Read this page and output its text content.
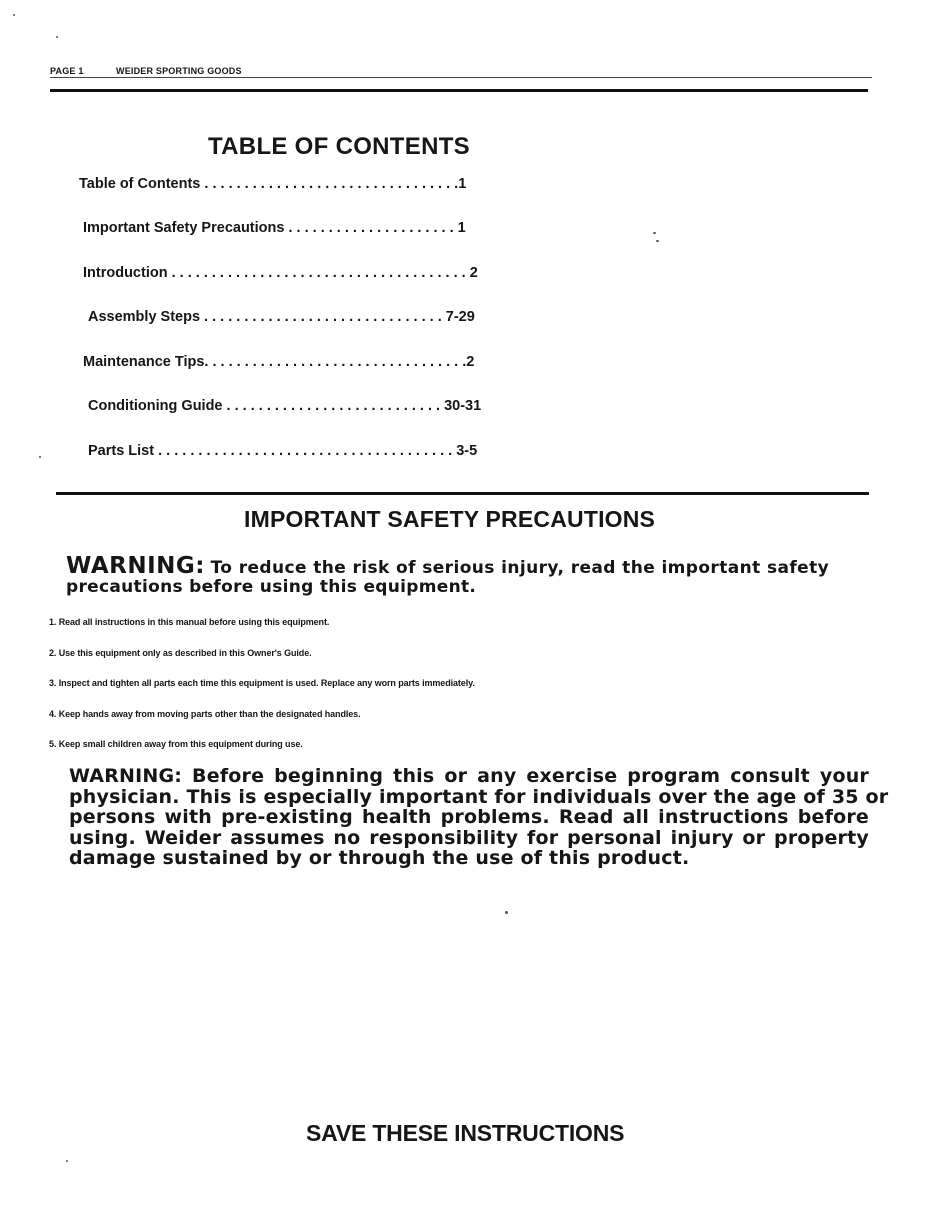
PAGE 1	WEIDER SPORTING GOODS
TABLE OF CONTENTS
Table of Contents . . . . . . . . . . . . . . . . . . . . . . . . . . . . . . . .1
Important Safety Precautions . . . . . . . . . . . . . . . . . . . . . 1
Introduction . . . . . . . . . . . . . . . . . . . . . . . . . . . . . . . . . . . . . 2
Assembly Steps . . . . . . . . . . . . . . . . . . . . . . . . . . . . . . 7-29
Maintenance Tips. . . . . . . . . . . . . . . . . . . . . . . . . . . . . . . . .2
Conditioning Guide . . . . . . . . . . . . . . . . . . . . . . . . . . . 30-31
Parts List . . . . . . . . . . . . . . . . . . . . . . . . . . . . . . . . . . . . . 3-5
IMPORTANT SAFETY PRECAUTIONS
WARNING: To reduce the risk of serious injury, read the important safety
precautions before using this equipment.
1. Read all instructions in this manual before using this equipment.
2. Use this equipment only as described in this Owner's Guide.
3. Inspect and tighten all parts each time this equipment is used. Replace any worn parts immediately.
4. Keep hands away from moving parts other than the designated handles.
5. Keep small children away from this equipment during use.
WARNING: Before beginning this or any exercise program consult your
physician. This is especially important for individuals over the age of 35 or
persons with pre-existing health problems. Read all instructions before
using. Weider assumes no responsibility for personal injury or property
damage sustained by or through the use of this product.
SAVE THESE INSTRUCTIONS
